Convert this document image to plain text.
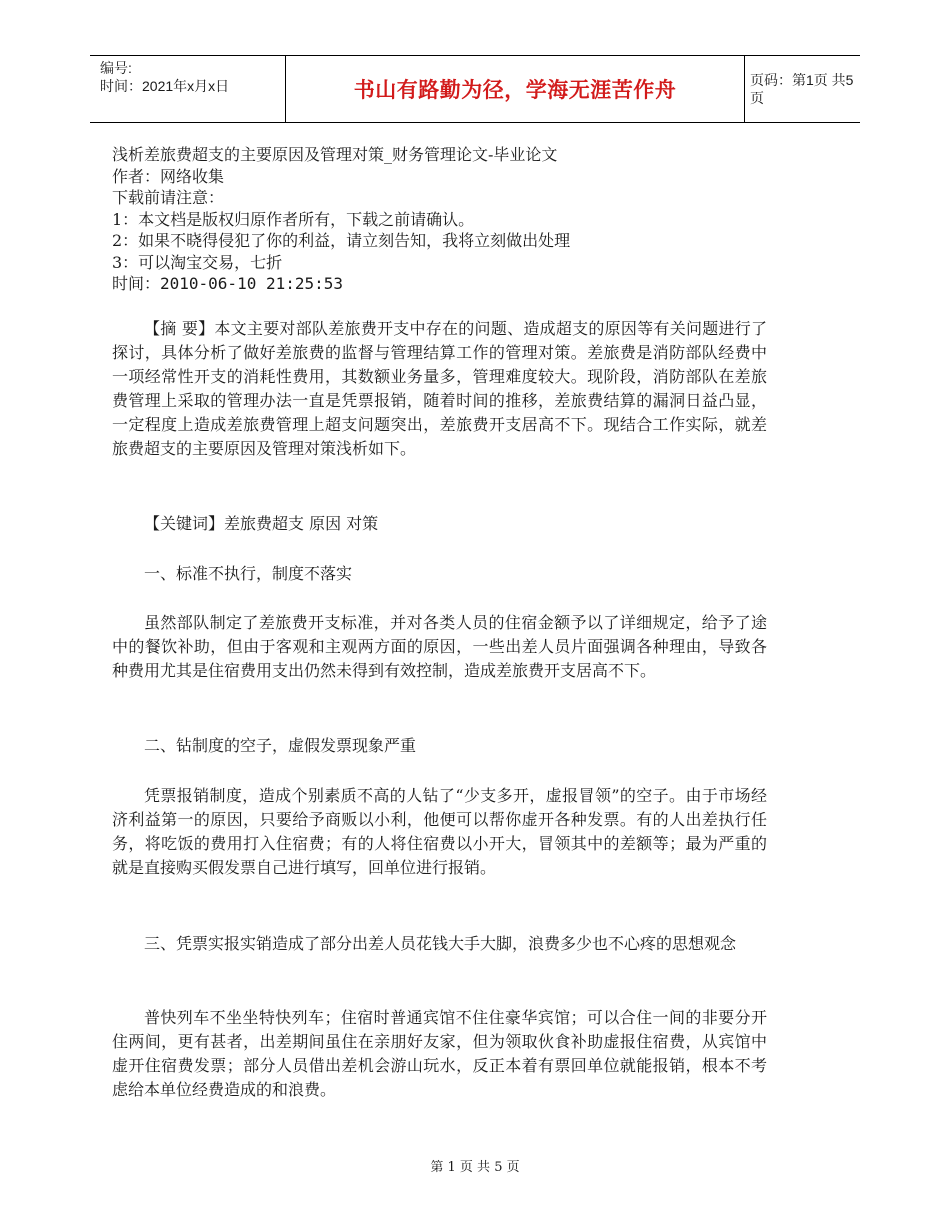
编号:
时间：2021年x月x日	书山有路勤为径，学海无涯苦作舟	页码：第1页 共5页
浅析差旅费超支的主要原因及管理对策_财务管理论文-毕业论文
作者：网络收集
下载前请注意：
1：本文档是版权归原作者所有，下载之前请确认。
2：如果不晓得侵犯了你的利益，请立刻告知，我将立刻做出处理
3：可以淘宝交易，七折
时间：2010-06-10 21:25:53

【摘 要】本文主要对部队差旅费开支中存在的问题、造成超支的原因等有关问题进行了探讨，具体分析了做好差旅费的监督与管理结算工作的管理对策。差旅费是消防部队经费中一项经常性开支的消耗性费用，其数额业务量多，管理难度较大。现阶段，消防部队在差旅费管理上采取的管理办法一直是凭票报销，随着时间的推移，差旅费结算的漏洞日益凸显，一定程度上造成差旅费管理上超支问题突出，差旅费开支居高不下。现结合工作实际，就差旅费超支的主要原因及管理对策浅析如下。

【关键词】差旅费超支 原因 对策

一、标准不执行，制度不落实

虽然部队制定了差旅费开支标准，并对各类人员的住宿金额予以了详细规定，给予了途中的餐饮补助，但由于客观和主观两方面的原因，一些出差人员片面强调各种理由，导致各种费用尤其是住宿费用支出仍然未得到有效控制，造成差旅费开支居高不下。

二、钻制度的空子，虚假发票现象严重

凭票报销制度，造成个别素质不高的人钻了“少支多开，虚报冒领”的空子。由于市场经济利益第一的原因，只要给予商贩以小利，他便可以帮你虚开各种发票。有的人出差执行任务，将吃饭的费用打入住宿费；有的人将住宿费以小开大，冒领其中的差额等；最为严重的就是直接购买假发票自己进行填写，回单位进行报销。

三、凭票实报实销造成了部分出差人员花钱大手大脚，浪费多少也不心疼的思想观念

普快列车不坐坐特快列车；住宿时普通宾馆不住住豪华宾馆；可以合住一间的非要分开住两间，更有甚者，出差期间虽住在亲朋好友家，但为领取伙食补助虚报住宿费，从宾馆中虚开住宿费发票；部分人员借出差机会游山玩水，反正本着有票回单位就能报销，根本不考虑给本单位经费造成的和浪费。

第 1 页 共 5 页
